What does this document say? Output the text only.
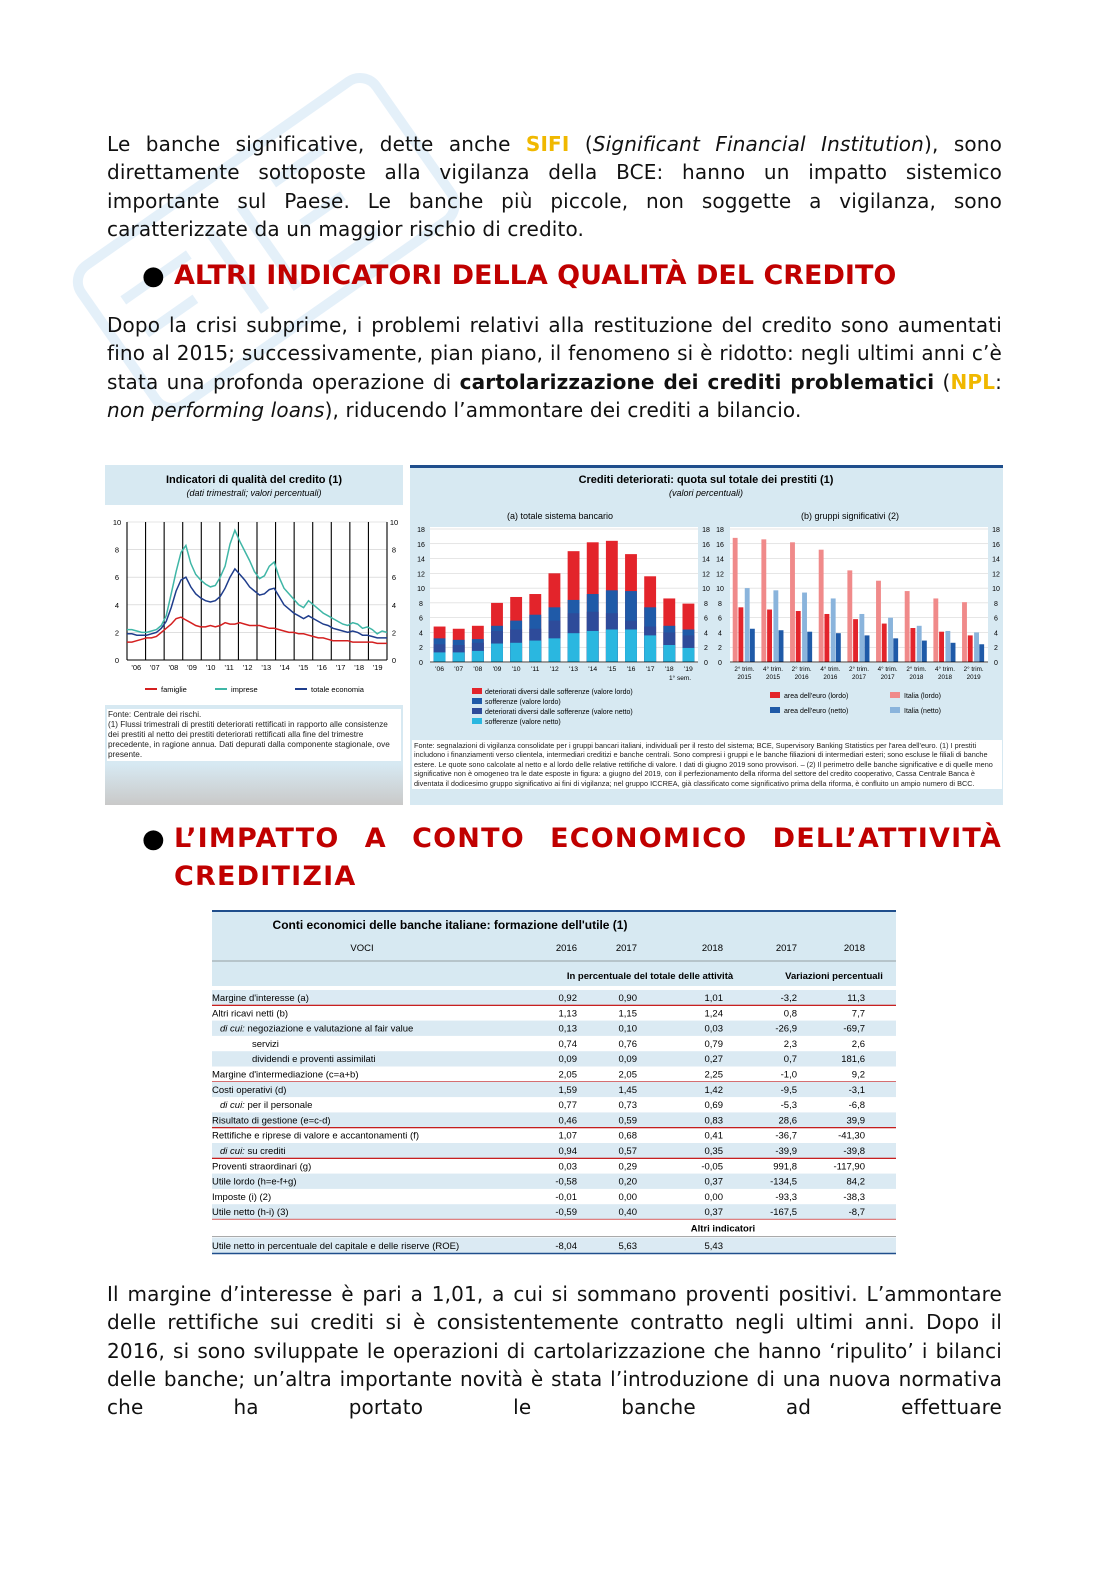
Le banche significative, dette anche SIFI (Significant Financial Institution), sono direttamente sottoposte alla vigilanza della BCE: hanno un impatto sistemico importante sul Paese. Le banche più piccole, non soggette a vigilanza, sono caratterizzate da un maggior rischio di credito.
● ALTRI INDICATORI DELLA QUALITÀ DEL CREDITO
Dopo la crisi subprime, i problemi relativi alla restituzione del credito sono aumentati fino al 2015; successivamente, pian piano, il fenomeno si è ridotto: negli ultimi anni c’è stata una profonda operazione di cartolarizzazione dei crediti problematici (NPL: non performing loans), riducendo l’ammontare dei crediti a bilancio.
Indicatori di qualità del credito (1)
(dati trimestrali; valori percentuali)
0	0
2	2
4	4
6	6
8	8
10	10
'06 '07 '08 '09 '10 '11 '12 '13 '14 '15 '16 '17 '18 '19
famiglie	imprese	totale economia
Fonte: Centrale dei rischi.
(1) Flussi trimestrali di prestiti deteriorati rettificati in rapporto alle consistenze dei prestiti al netto dei prestiti deteriorati rettificati alla fine del trimestre precedente, in ragione annua. Dati depurati dalla componente stagionale, ove presente.
Crediti deteriorati: quota sul totale dei prestiti (1)
(valori percentuali)
(a) totale sistema bancario	(b) gruppi significativi (2)
0	0 0	0
2	2 2	2
4	4 4	4
6	6 6	6
8	8 8	8
10	10 10	10
12	12 12	12
14	14 14	14
16	16 16	16
18	18 18	18
'06 '07 '08 '09 '10 '11 '12 '13 '14 '15 '16 '17 '18 '19
1° sem.
2° trim.
2015
4° trim.
2015
2° trim.
2016
4° trim.
2016
2° trim.
2017
4° trim.
2017
2° trim.
2018
4° trim.
2018
2° trim.
2019
deteriorati diversi dalle sofferenze (valore lordo)
sofferenze (valore lordo)
deteriorati diversi dalle sofferenze (valore netto)
sofferenze (valore netto)
area dell'euro (lordo)	Italia (lordo)
area dell'euro (netto)	Italia (netto)
Fonte: segnalazioni di vigilanza consolidate per i gruppi bancari italiani, individuali per il resto del sistema; BCE, Supervisory Banking Statistics per l'area dell'euro. (1) I prestiti includono i finanziamenti verso clientela, intermediari creditizi e banche centrali. Sono compresi i gruppi e le banche filiazioni di intermediari esteri; sono escluse le filiali di banche estere. Le quote sono calcolate al netto e al lordo delle relative rettifiche di valore. I dati di giugno 2019 sono provvisori. – (2) Il perimetro delle banche significative e di quelle meno significative non è omogeneo tra le date esposte in figura: a giugno del 2019, con il perfezionamento della riforma del settore del credito cooperativo, Cassa Centrale Banca è diventata il dodicesimo gruppo significativo ai fini di vigilanza; nel gruppo ICCREA, già classificato come significativo prima della riforma, è confluito un ampio numero di BCC.
● L’IMPATTO A CONTO ECONOMICO DELL’ATTIVITÀ CREDITIZIA
Conti economici delle banche italiane: formazione dell'utile (1)
VOCI	2016	2017	2018	2017	2018
In percentuale del totale delle attività	Variazioni percentuali
Margine d'interesse (a)	0,92	0,90	1,01	-3,2	11,3
Altri ricavi netti (b)	1,13	1,15	1,24	0,8	7,7
di cui: negoziazione e valutazione al fair value	0,13	0,10	0,03	-26,9	-69,7
servizi	0,74	0,76	0,79	2,3	2,6
dividendi e proventi assimilati	0,09	0,09	0,27	0,7	181,6
Margine d'intermediazione (c=a+b)	2,05	2,05	2,25	-1,0	9,2
Costi operativi (d)	1,59	1,45	1,42	-9,5	-3,1
di cui: per il personale	0,77	0,73	0,69	-5,3	-6,8
Risultato di gestione (e=c-d)	0,46	0,59	0,83	28,6	39,9
Rettifiche e riprese di valore e accantonamenti (f)	1,07	0,68	0,41	-36,7	-41,30
di cui: su crediti	0,94	0,57	0,35	-39,9	-39,8
Proventi straordinari (g)	0,03	0,29	-0,05	991,8	-117,90
Utile lordo (h=e-f+g)	-0,58	0,20	0,37	-134,5	84,2
Imposte (i) (2)	-0,01	0,00	0,00	-93,3	-38,3
Utile netto (h-i) (3)	-0,59	0,40	0,37	-167,5	-8,7
Altri indicatori
Utile netto in percentuale del capitale e delle riserve (ROE)	-8,04	5,63	5,43
Il margine d’interesse è pari a 1,01, a cui si sommano proventi positivi. L’ammontare delle rettifiche sui crediti si è consistentemente contratto negli ultimi anni. Dopo il 2016, si sono sviluppate le operazioni di cartolarizzazione che hanno ‘ripulito’ i bilanci delle banche; un’altra importante novità è stata l’introduzione di una nuova normativa che ha portato le banche ad effettuare
